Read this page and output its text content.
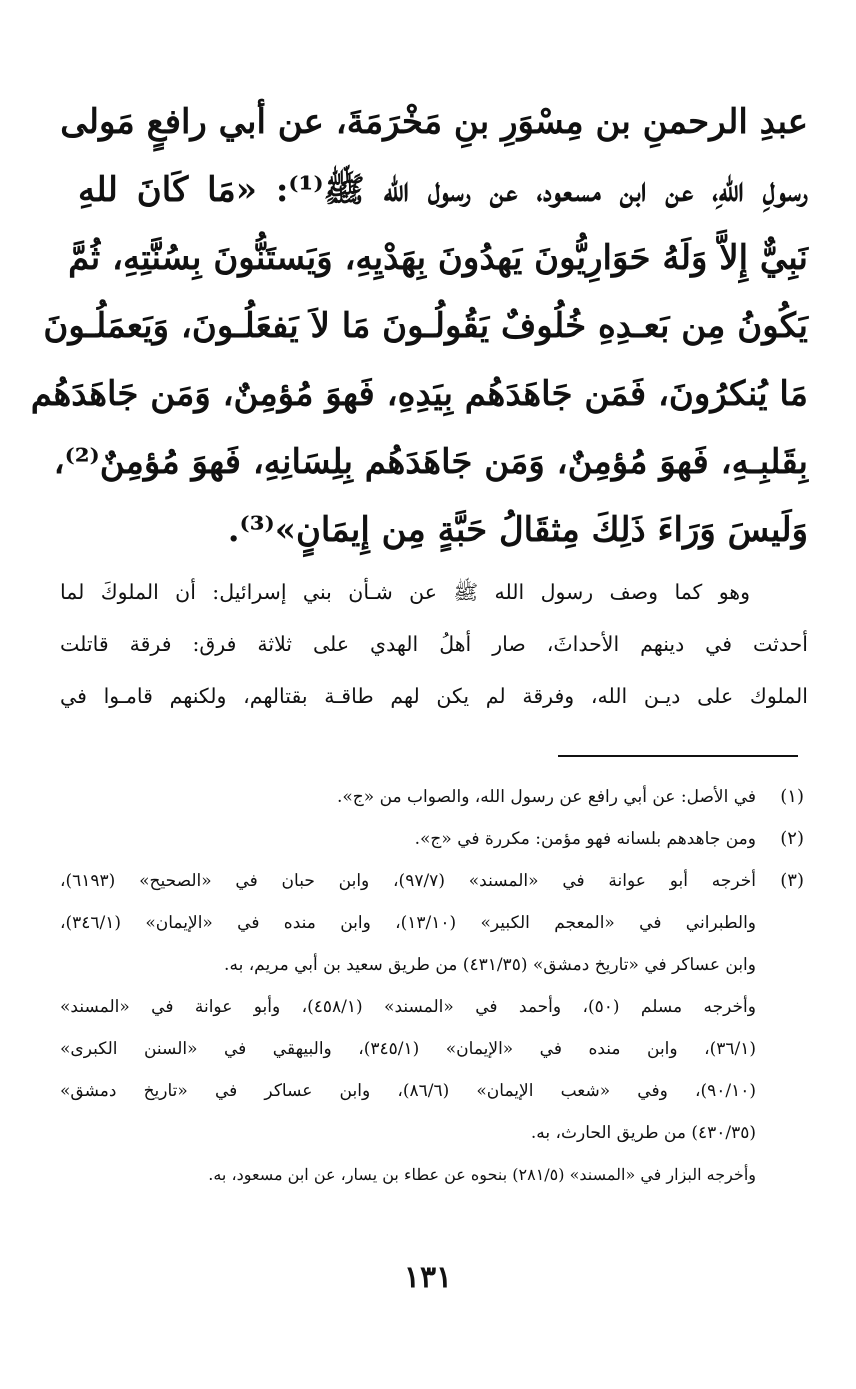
عبدِ الرحمنِ بن مِسْوَرِ بنِ مَخْرَمَةَ، عن أبي رافعٍ مَولى
رسولِ اللهِ، عن ابن مسعود، عن رسول الله ﷺ⁽¹⁾: «مَا كَانَ للهِ
نَبِيٌّ إِلاَّ وَلَهُ حَوَارِيُّونَ يَهدُونَ بِهَدْيِهِ، وَيَستَنُّونَ بِسُنَّتِهِ، ثُمَّ
يَكُونُ مِن بَعـدِهِ خُلُوفٌ يَقُولُـونَ مَا لاَ يَفعَلُـونَ، وَيَعمَلُـونَ
مَا يُنكرُونَ، فَمَن جَاهَدَهُم بِيَدِهِ، فَهوَ مُؤمِنٌ، وَمَن جَاهَدَهُم
بِقَلبِـهِ، فَهوَ مُؤمِنٌ، وَمَن جَاهَدَهُم بِلِسَانِهِ، فَهوَ مُؤمِنٌ⁽²⁾،
وَلَيسَ وَرَاءَ ذَلِكَ مِثقَالُ حَبَّةٍ مِن إِيمَانٍ»⁽³⁾.
وهو كما وصف رسول الله ﷺ عن شـأن بني إسرائيل: أن الملوكَ لما
أحدثت في دينهم الأحداثَ، صار أهلُ الهدي على ثلاثة فرق: فرقة قاتلت
الملوك على ديـن الله، وفرقة لم يكن لهم طاقـة بقتالهم، ولكنهم قامـوا في
(١)
في الأصل: عن أبي رافع عن رسول الله، والصواب من «ج».
(٢)
ومن جاهدهم بلسانه فهو مؤمن: مكررة في «ج».
(٣)
أخرجه أبو عوانة في «المسند» (٩٧/٧)، وابن حبان في «الصحيح» (٦١٩٣)،
والطبراني في «المعجم الكبير» (١٣/١٠)، وابن منده في «الإيمان» (٣٤٦/١)،
وابن عساكر في «تاريخ دمشق» (٤٣١/٣٥) من طريق سعيد بن أبي مريم، به.
وأخرجه مسلم (٥٠)، وأحمد في «المسند» (٤٥٨/١)، وأبو عوانة في «المسند»
(٣٦/١)، وابن منده في «الإيمان» (٣٤٥/١)، والبيهقي في «السنن الكبرى»
(٩٠/١٠)، وفي «شعب الإيمان» (٨٦/٦)، وابن عساكر في «تاريخ دمشق»
(٤٣٠/٣٥) من طريق الحارث، به.
وأخرجه البزار في «المسند» (٢٨١/٥) بنحوه عن عطاء بن يسار، عن ابن مسعود، به.
١٣١
